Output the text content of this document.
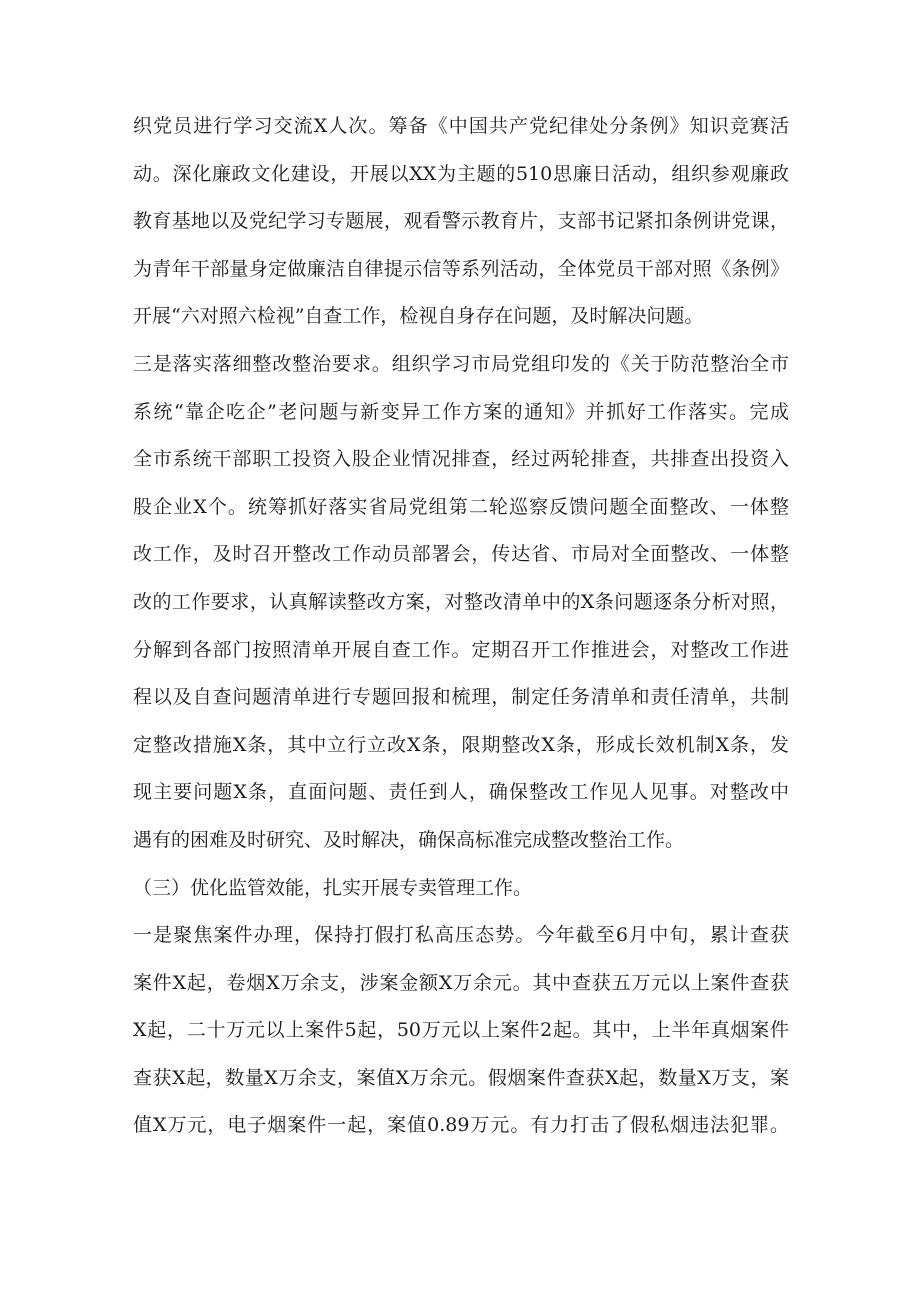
织党员进行学习交流X人次。筹备《中国共产党纪律处分条例》知识竞赛活
动。深化廉政文化建设，开展以XX为主题的510思廉日活动，组织参观廉政
教育基地以及党纪学习专题展，观看警示教育片，支部书记紧扣条例讲党课，
为青年干部量身定做廉洁自律提示信等系列活动，全体党员干部对照《条例》
开展“六对照六检视”自查工作，检视自身存在问题，及时解决问题。
三是落实落细整改整治要求。组织学习市局党组印发的《关于防范整治全市
系统“靠企吃企”老问题与新变异工作方案的通知》并抓好工作落实。完成
全市系统干部职工投资入股企业情况排查，经过两轮排查，共排查出投资入
股企业X个。统筹抓好落实省局党组第二轮巡察反馈问题全面整改、一体整
改工作，及时召开整改工作动员部署会，传达省、市局对全面整改、一体整
改的工作要求，认真解读整改方案，对整改清单中的X条问题逐条分析对照，
分解到各部门按照清单开展自查工作。定期召开工作推进会，对整改工作进
程以及自查问题清单进行专题回报和梳理，制定任务清单和责任清单，共制
定整改措施X条，其中立行立改X条，限期整改X条，形成长效机制X条，发
现主要问题X条，直面问题、责任到人，确保整改工作见人见事。对整改中
遇有的困难及时研究、及时解决，确保高标准完成整改整治工作。
（三）优化监管效能，扎实开展专卖管理工作。
一是聚焦案件办理，保持打假打私高压态势。今年截至6月中旬，累计查获
案件X起，卷烟X万余支，涉案金额X万余元。其中查获五万元以上案件查获
X起，二十万元以上案件5起，50万元以上案件2起。其中，上半年真烟案件
查获X起，数量X万余支，案值X万余元。假烟案件查获X起，数量X万支，案
值X万元，电子烟案件一起，案值0.89万元。有力打击了假私烟违法犯罪。
